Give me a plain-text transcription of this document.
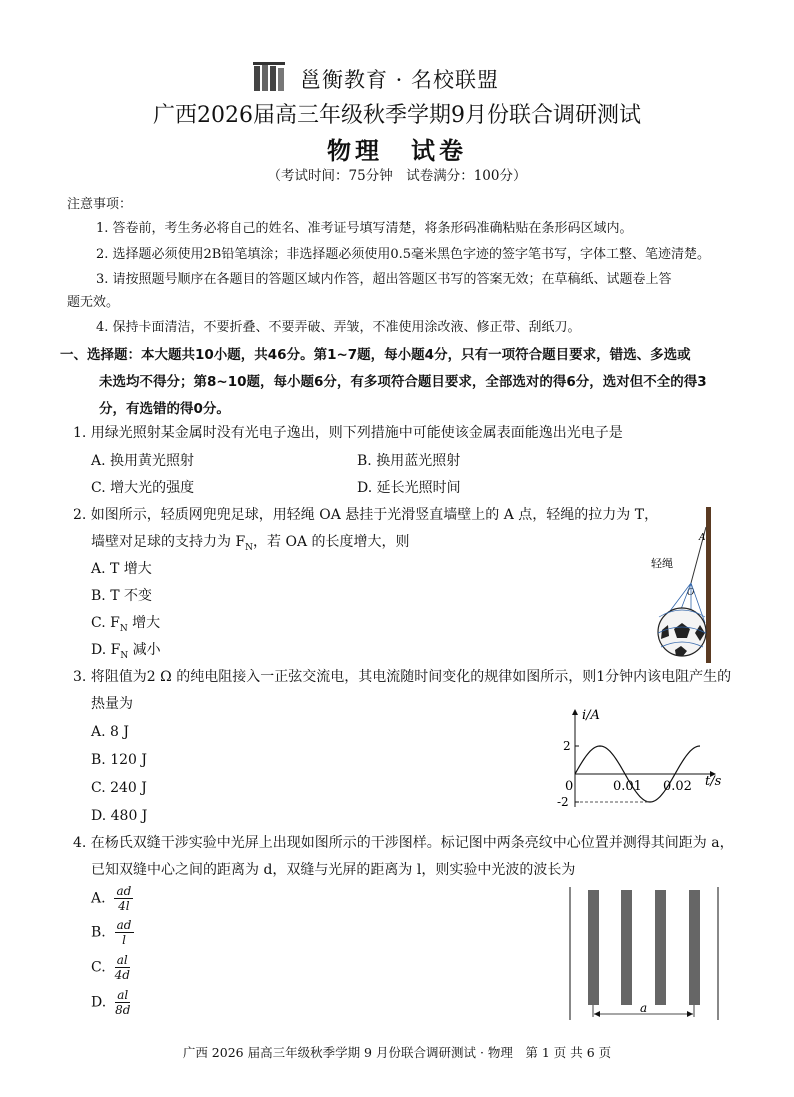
邕衡教育 · 名校联盟
广西2026届高三年级秋季学期9月份联合调研测试
物理　试卷
（考试时间：75分钟　试卷满分：100分）
注意事项：
1. 答卷前，考生务必将自己的姓名、准考证号填写清楚，将条形码准确粘贴在条形码区域内。
2. 选择题必须使用2B铅笔填涂；非选择题必须使用0.5毫米黑色字迹的签字笔书写，字体工整、笔迹清楚。
3. 请按照题号顺序在各题目的答题区域内作答，超出答题区书写的答案无效；在草稿纸、试题卷上答
题无效。
4. 保持卡面清洁，不要折叠、不要弄破、弄皱，不准使用涂改液、修正带、刮纸刀。
一、选择题：本大题共10小题，共46分。第1~7题，每小题4分，只有一项符合题目要求，错选、多选或
未选均不得分；第8~10题，每小题6分，有多项符合题目要求，全部选对的得6分，选对但不全的得3
分，有选错的得0分。
1. 用绿光照射某金属时没有光电子逸出，则下列措施中可能使该金属表面能逸出光电子是
A. 换用黄光照射	B. 换用蓝光照射
C. 增大光的强度	D. 延长光照时间
2. 如图所示，轻质网兜兜足球，用轻绳 OA 悬挂于光滑竖直墙壁上的 A 点，轻绳的拉力为 T，
墙壁对足球的支持力为 $F_N$，若 OA 的长度增大，则
A. T 增大
B. T 不变
C. $F_N$ 增大
D. $F_N$ 减小
A
O
轻绳
3. 将阻值为2 Ω 的纯电阻接入一正弦交流电，其电流随时间变化的规律如图所示，则1分钟内该电阻产生的
热量为
A. 8 J
B. 120 J
C. 240 J
D. 480 J
i/A
t/s
2
-2
0	0.01 0.02
4. 在杨氏双缝干涉实验中光屏上出现如图所示的干涉图样。标记图中两条亮纹中心位置并测得其间距为 a，
已知双缝中心之间的距离为 d，双缝与光屏的距离为 l，则实验中光波的波长为
A. $\frac{ad}{4l}$
B. $\frac{ad}{l}$
C. $\frac{al}{4d}$
D. $\frac{al}{8d}$	a
广西 2026 届高三年级秋季学期 9 月份联合调研测试 · 物理　第 1 页 共 6 页
